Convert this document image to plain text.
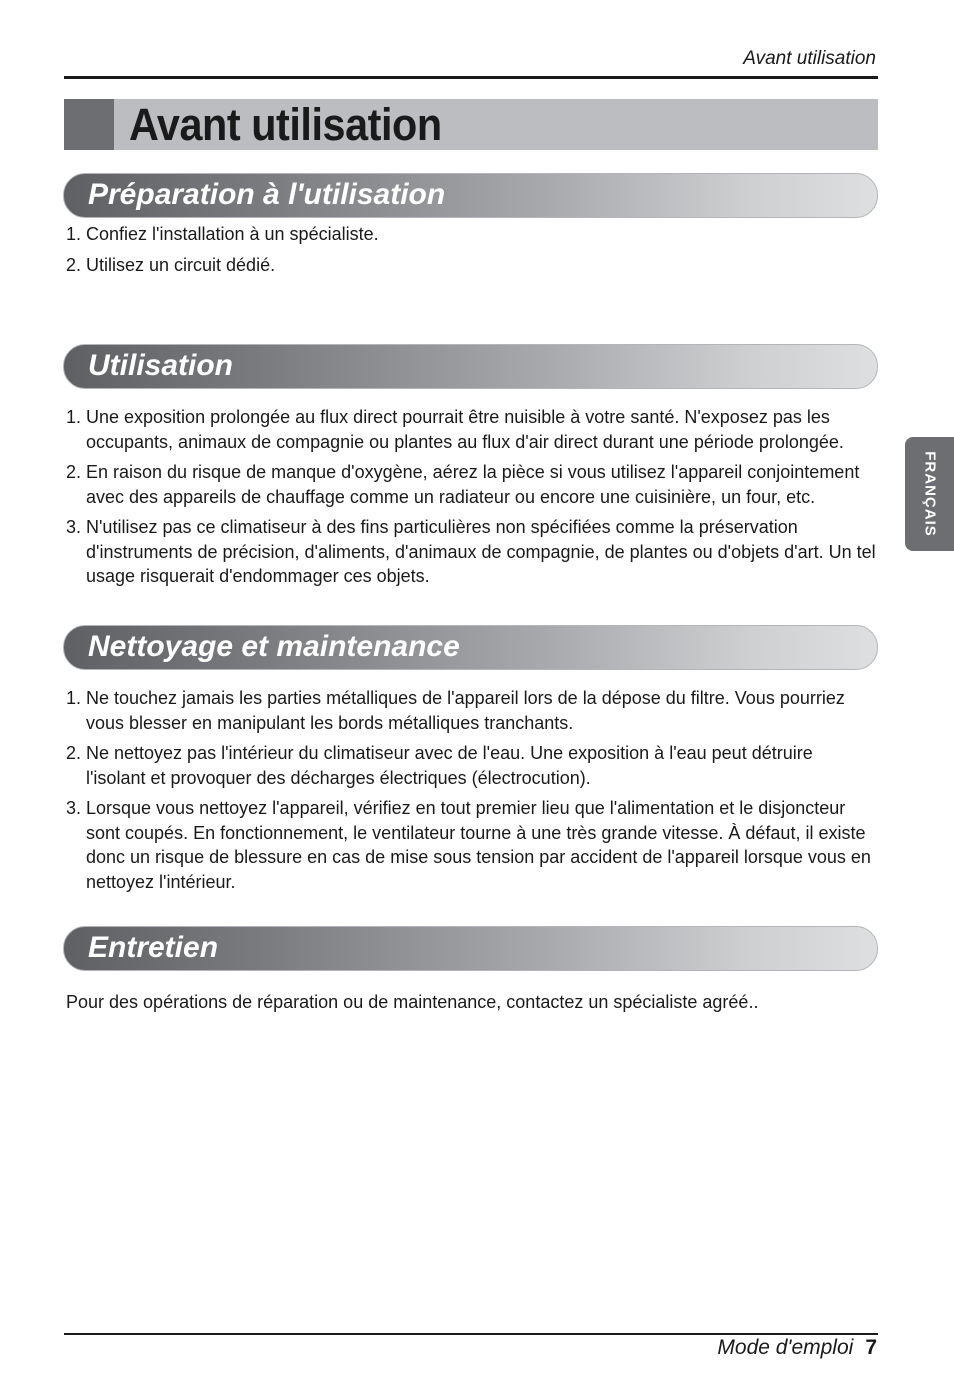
Avant utilisation
Avant utilisation
Préparation à l'utilisation
1. Confiez l'installation à un spécialiste.
2. Utilisez un circuit dédié.
Utilisation
1. Une exposition prolongée au flux direct pourrait être nuisible à votre santé. N'exposez pas les occupants, animaux de compagnie ou plantes au flux d'air direct durant une période prolongée.
2. En raison du risque de manque d'oxygène, aérez la pièce si vous utilisez l'appareil conjointement avec des appareils de chauffage comme un radiateur ou encore une cuisinière, un four, etc.
3. N'utilisez pas ce climatiseur à des fins particulières non spécifiées comme la préservation d'instruments de précision, d'aliments, d'animaux de compagnie, de plantes ou d'objets d'art. Un tel usage risquerait d'endommager ces objets.
Nettoyage et maintenance
1. Ne touchez jamais les parties métalliques de l'appareil lors de la dépose du filtre. Vous pourriez vous blesser en manipulant les bords métalliques tranchants.
2. Ne nettoyez pas l'intérieur du climatiseur avec de l'eau. Une exposition à l'eau peut détruire l'isolant et provoquer des décharges électriques (électrocution).
3. Lorsque vous nettoyez l'appareil, vérifiez en tout premier lieu que l'alimentation et le disjoncteur sont coupés. En fonctionnement, le ventilateur tourne à une très grande vitesse. À défaut, il existe donc un risque de blessure en cas de mise sous tension par accident de l'appareil lorsque vous en nettoyez l'intérieur.
Entretien

Pour des opérations de réparation ou de maintenance, contactez un spécialiste agréé..

FRANÇAIS
Mode d'emploi 7
